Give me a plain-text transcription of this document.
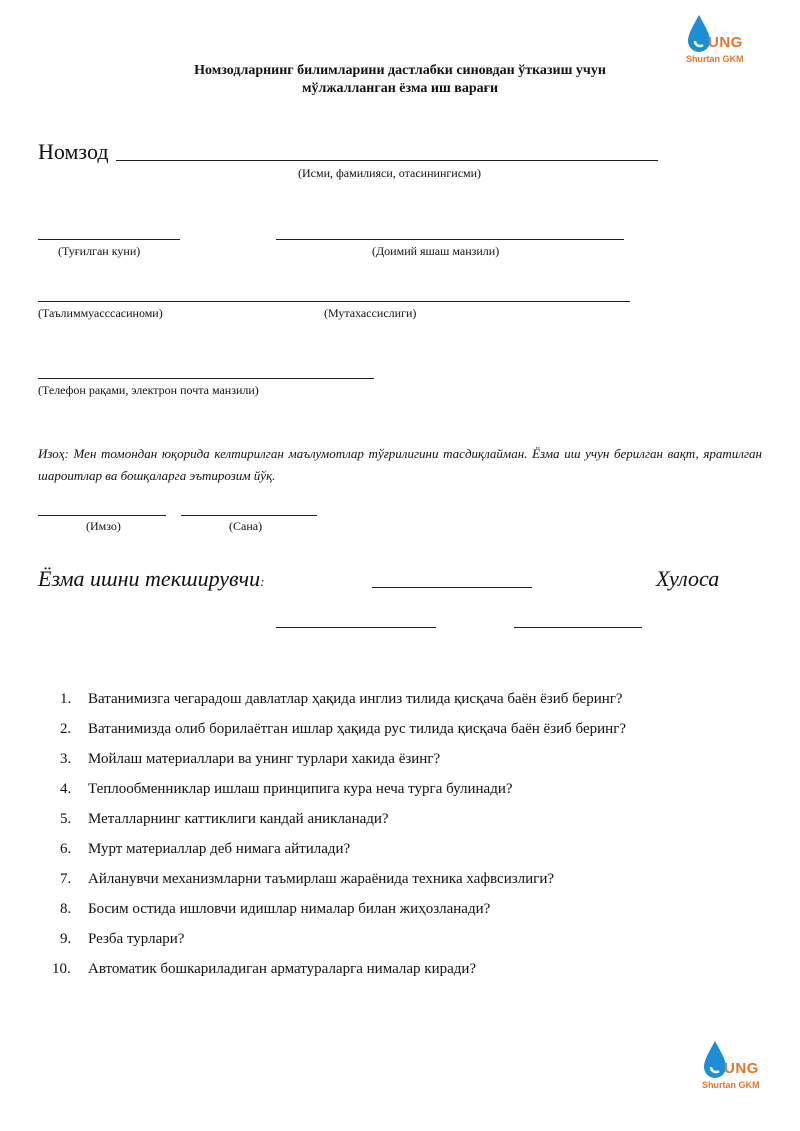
UNG
Shurtan GKM
Номзодларнинг билимларини дастлабки синовдан ўтказиш учун
мўлжалланган ёзма иш варағи
Номзод
(Исми, фамилияси, отасинингисми)
(Туғилган куни)	(Доимий яшаш манзили)
(Таълиммуасссасиноми)	(Мутахассислиги)
(Телефон рақами, электрон почта манзили)
Изоҳ: Мен томондан юқорида келтирилган маълумотлар тўғрилигини тасдиқлайман. Ёзма иш учун берилган вақт, яратилган шароитлар ва бошқаларга эътирозим йўқ.
(Имзо)	(Сана)
Ёзма ишни текширувчи:	Хулоса
1. Ватанимизга чегарадош давлатлар ҳақида инглиз тилида қисқача баён ёзиб беринг?
2. Ватанимизда олиб борилаётган ишлар ҳақида рус тилида қисқача баён ёзиб беринг?
3. Мойлаш материаллари ва унинг турлари хакида ёзинг?
4. Теплообменниклар ишлаш принципига кура неча турга булинади?
5. Металларнинг каттиклиги кандай аникланади?
6. Мурт материаллар деб нимага айтилади?
7. Айланувчи механизмларни таъмирлаш жараёнида техника хафвсизлиги?
8. Босим остида ишловчи идишлар нималар билан жиҳозланади?
9. Резба турлари?
10. Автоматик бошкариладиган арматураларга нималар киради?
UNG
Shurtan GKM
